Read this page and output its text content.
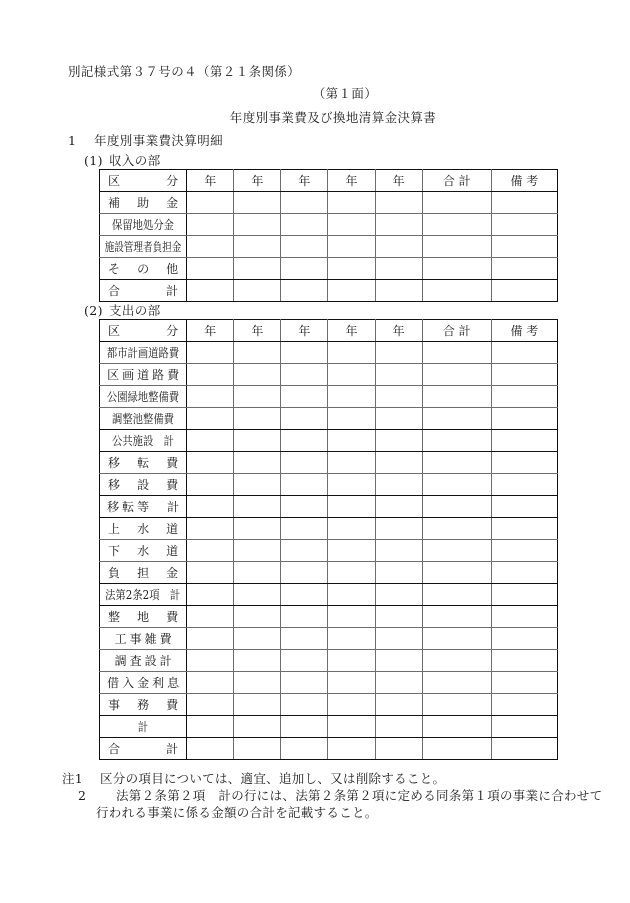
別記様式第３７号の４（第２１条関係）
（第１面）
年度別事業費及び換地清算金決算書
1 年度別事業費決算明細
(1) 収入の部
区 分	年	年	年	年	年	合 計	備 考

補 助 金							

保留地処分金							

施設管理者負担金							

そ の 他							

合 計							

(2) 支出の部
区 分	年	年	年	年	年	合 計	備 考

都市計画道路費							

区画道路費							

公園緑地整備費							

調整池整備費							

公共施設　計							

移 転 費							

移 設 費							

移転等　計							

上 水 道							

下 水 道							

負 担 金							

法第2条2項　計							

整 地 費							

工事雑費							

調査設計							

借入金利息							

事 務 費							

計							

合 計							

注1 区分の項目については、適宜、追加し、又は削除すること。
2 法第２条第２項　計の行には、法第２条第２項に定める同条第１項の事業に合わせて
行われる事業に係る金額の合計を記載すること。
